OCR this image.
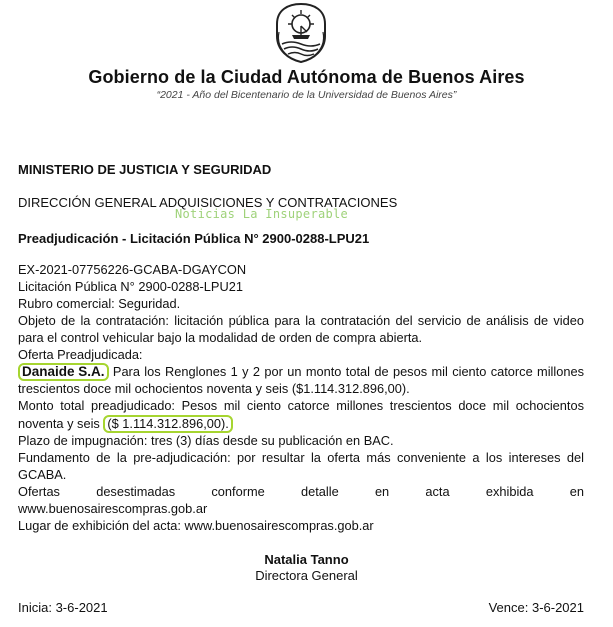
Gobierno de la Ciudad Autónoma de Buenos Aires
“2021 - Año del Bicentenario de la Universidad de Buenos Aires”
MINISTERIO DE JUSTICIA Y SEGURIDAD
DIRECCIÓN GENERAL ADQUISICIONES Y CONTRATACIONES
Noticias La Insuperable
Preadjudicación - Licitación Pública N° 2900-0288-LPU21

EX-2021-07756226-GCABA-DGAYCON

Licitación Pública N° 2900-0288-LPU21

Rubro comercial: Seguridad.

Objeto de la contratación: licitación pública para la contratación del servicio de análisis de video para el control vehicular bajo la modalidad de orden de compra abierta.

Oferta Preadjudicada:

Danaide S.A. Para los Renglones 1 y 2 por un monto total de pesos mil ciento catorce millones trescientos doce mil ochocientos noventa y seis ($1.114.312.896,00).

Monto total preadjudicado: Pesos mil ciento catorce millones trescientos doce mil ochocientos noventa y seis ($ 1.114.312.896,00).

Plazo de impugnación: tres (3) días desde su publicación en BAC.

Fundamento de la pre-adjudicación: por resultar la oferta más conveniente a los intereses del GCABA.

Ofertas desestimadas conforme detalle en acta exhibida en

www.buenosairescompras.gob.ar

Lugar de exhibición del acta: www.buenosairescompras.gob.ar

Natalia Tanno
Directora General
Inicia: 3-6-2021	Vence: 3-6-2021
